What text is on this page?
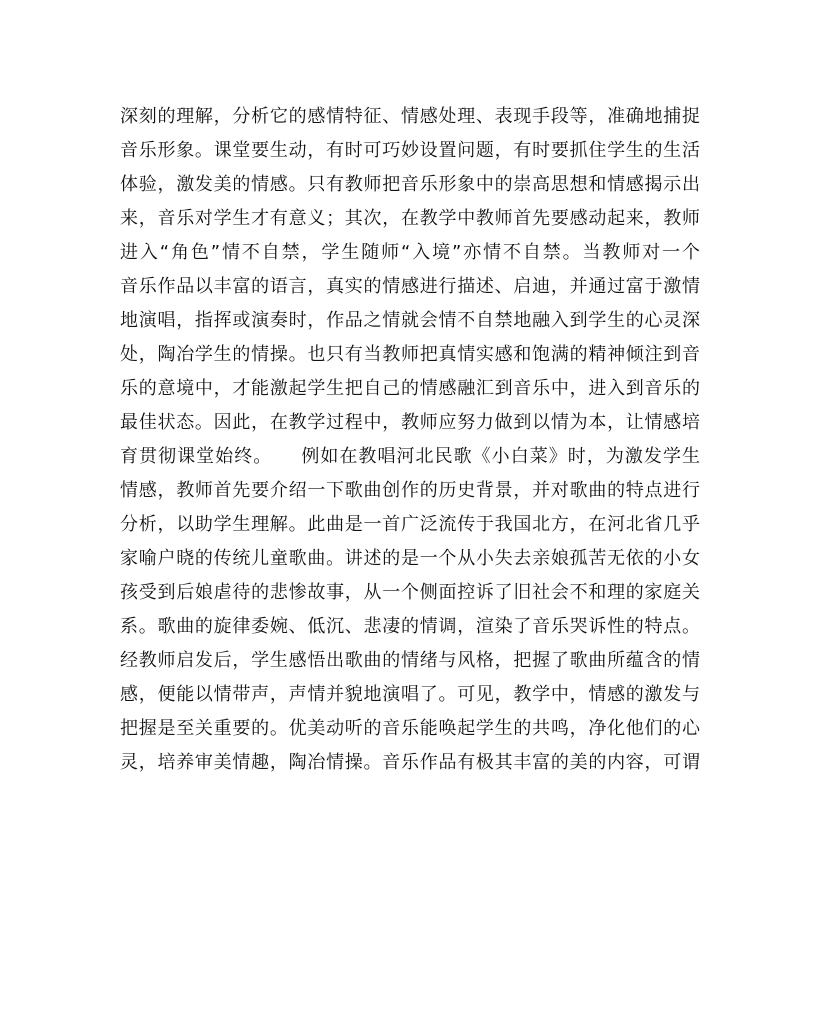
深刻的理解，分析它的感情特征、情感处理、表现手段等，准确地捕捉
音乐形象。课堂要生动，有时可巧妙设置问题，有时要抓住学生的生活
体验，激发美的情感。只有教师把音乐形象中的崇高思想和情感揭示出
来，音乐对学生才有意义；其次，在教学中教师首先要感动起来，教师
进入“角色”情不自禁，学生随师“入境”亦情不自禁。当教师对一个
音乐作品以丰富的语言，真实的情感进行描述、启迪，并通过富于激情
地演唱，指挥或演奏时，作品之情就会情不自禁地融入到学生的心灵深
处，陶冶学生的情操。也只有当教师把真情实感和饱满的精神倾注到音
乐的意境中，才能激起学生把自己的情感融汇到音乐中，进入到音乐的
最佳状态。因此，在教学过程中，教师应努力做到以情为本，让情感培
育贯彻课堂始终。　　例如在教唱河北民歌《小白菜》时，为激发学生
情感，教师首先要介绍一下歌曲创作的历史背景，并对歌曲的特点进行
分析，以助学生理解。此曲是一首广泛流传于我国北方，在河北省几乎
家喻户晓的传统儿童歌曲。讲述的是一个从小失去亲娘孤苦无依的小女
孩受到后娘虐待的悲惨故事，从一个侧面控诉了旧社会不和理的家庭关
系。歌曲的旋律委婉、低沉、悲凄的情调，渲染了音乐哭诉性的特点。
经教师启发后，学生感悟出歌曲的情绪与风格，把握了歌曲所蕴含的情
感，便能以情带声，声情并貌地演唱了。可见，教学中，情感的激发与
把握是至关重要的。优美动听的音乐能唤起学生的共鸣，净化他们的心
灵，培养审美情趣，陶冶情操。音乐作品有极其丰富的美的内容，可谓
